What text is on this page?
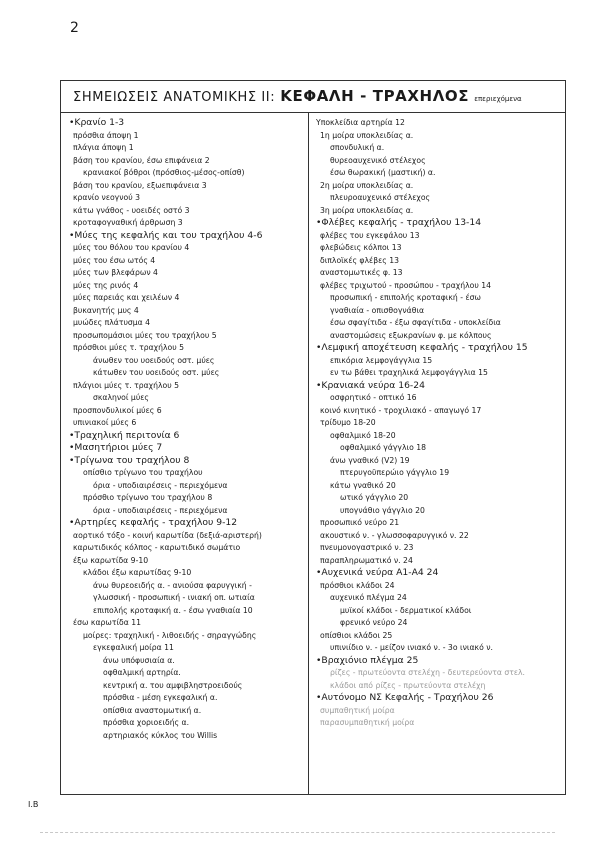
2
ΣΗΜΕΙΩΣΕΙΣ ΑΝΑΤΟΜΙΚΗΣ ΙΙ: ΚΕΦΑΛΗ - ΤΡΑΧΗΛΟΣ επεριεχόμενα
•Κρανίο 1-3
πρόσθια άποψη 1
πλάγια άποψη 1
βάση του κρανίου, έσω επιφάνεια 2
κρανιακοί βόθροι (πρόσθιος-μέσος-οπίσθ)
βάση του κρανίου, εξωεπιφάνεια 3
κρανίο νεογνού 3
κάτω γνάθος - υοειδές οστό 3
κροταφογναθική άρθρωση 3
•Μύες της κεφαλής και του τραχήλου 4-6
μύες του θόλου του κρανίου 4
μύες του έσω ωτός 4
μύες των βλεφάρων 4
μύες της ρινός 4
μύες παρειάς και χειλέων 4
βυκανητής μυς 4
μυώδες πλάτυσμα 4
προσωπομάσιοι μύες του τραχήλου 5
πρόσθιοι μύες τ. τραχήλου 5
άνωθεν του υοειδούς οστ. μύες
κάτωθεν του υοειδούς οστ. μύες
πλάγιοι μύες τ. τραχήλου 5
σκαληνοί μύες
προσπονδυλικοί μύες 6
υπινιακοί μύες 6
•Τραχηλική περιτονία 6
•Μασητήριοι μύες 7
•Τρίγωνα του τραχήλου 8
οπίσθιο τρίγωνο του τραχήλου
όρια - υποδιαιρέσεις - περιεχόμενα
πρόσθιο τρίγωνο του τραχήλου 8
όρια - υποδιαιρέσεις - περιεχόμενα
•Αρτηρίες κεφαλής - τραχήλου 9-12
αορτικό τόξο - κοινή καρωτίδα (δεξιά-αριστερή)
καρωτιδικός κόλπος - καρωτιδικό σωμάτιο
έξω καρωτίδα 9-10
κλάδοι έξω καρωτίδας 9-10
άνω θυρεοειδής α. - ανιούσα φαρυγγική -
γλωσσική - προσωπική - ινιακή οπ. ωτιαία
επιπολής κροταφική α. - έσω γναθιαία 10
έσω καρωτίδα 11
μοίρες: τραχηλική - λιθοειδής - σηραγγώδης
εγκεφαλική μοίρα 11
άνω υπόφυσιαία α.
οφθαλμική αρτηρία.
κεντρική α. του αμφιβληστροειδούς
πρόσθια - μέση εγκεφαλική α.
οπίσθια αναστομωτική α.
πρόσθια χοριοειδής α.
αρτηριακός κύκλος του Willis
Υποκλείδια αρτηρία 12
1η μοίρα υποκλειδίας α.
σπονδυλική α.
θυρεοαυχενικό στέλεχος
έσω θωρακική (μαστική) α.
2η μοίρα υποκλειδίας α.
πλευροαυχενικό στέλεχος
3η μοίρα υποκλειδίας α.
•Φλέβες κεφαλής - τραχήλου 13-14
φλέβες του εγκεφάλου 13
φλεβώδεις κόλποι 13
διπλοϊκές φλέβες 13
αναστομωτικές φ. 13
φλέβες τριχωτού - προσώπου - τραχήλου 14
προσωπική - επιπολής κροταφική - έσω
γναθιαία - οπισθογνάθια
έσω σφαγίτιδα - έξω σφαγίτιδα - υποκλείδια
αναστομώσεις εξωκρανίων φ. με κόλπους
•Λεμφική αποχέτευση κεφαλής - τραχήλου 15
επικόρια λεμφογάγγλια 15
εν τω βάθει τραχηλικά λεμφογάγγλια 15
•Κρανιακά νεύρα 16-24
οσφρητικό - οπτικό 16
κοινό κινητικό - τροχιλιακό - απαγωγό 17
τρίδυμο 18-20
οφθαλμικό 18-20
οφθαλμικό γάγγλιο 18
άνω γναθικό (V2) 19
πτερυγοϋπερώιο γάγγλιο 19
κάτω γναθικό 20
ωτικό γάγγλιο 20
υπογνάθιο γάγγλιο 20
προσωπικό νεύρο 21
ακουστικό ν. - γλωσσοφαρυγγικό ν. 22
πνευμονογαστρικό ν. 23
παραπληρωματικό ν. 24
•Αυχενικά νεύρα Α1-Α4 24
πρόσθιοι κλάδοι 24
αυχενικό πλέγμα 24
μυϊκοί κλάδοι - δερματικοί κλάδοι
φρενικό νεύρο 24
οπίσθιοι κλάδοι 25
υπινιίδιο ν. - μείζον ινιακό ν. - 3ο ινιακό ν.
•Βραχιόνιο πλέγμα 25
ρίζες - πρωτεύοντα στελέχη - δευτερεύοντα στελ.
κλάδοι από ρίζες - πρωτεύοντα στελέχη
•Αυτόνομο ΝΣ Κεφαλής - Τραχήλου 26
συμπαθητική μοίρα
παρασυμπαθητική μοίρα
I.B
